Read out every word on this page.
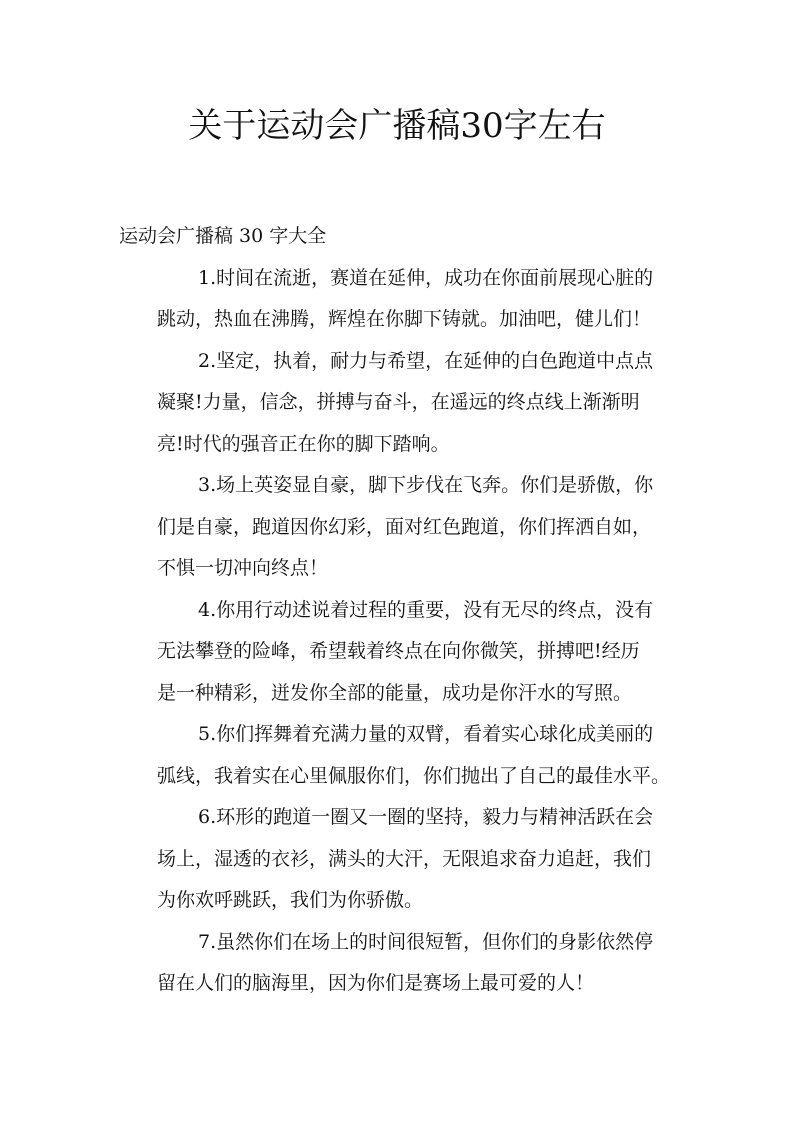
关于运动会广播稿30字左右

运动会广播稿 30 字大全

1.时间在流逝，赛道在延伸，成功在你面前展现心脏的
跳动，热血在沸腾，辉煌在你脚下铸就。加油吧，健儿们！

2.坚定，执着，耐力与希望，在延伸的白色跑道中点点
凝聚!力量，信念，拼搏与奋斗，在遥远的终点线上渐渐明
亮!时代的强音正在你的脚下踏响。

3.场上英姿显自豪，脚下步伐在飞奔。你们是骄傲，你
们是自豪，跑道因你幻彩，面对红色跑道，你们挥洒自如，
不惧一切冲向终点！

4.你用行动述说着过程的重要，没有无尽的终点，没有
无法攀登的险峰，希望载着终点在向你微笑，拼搏吧!经历
是一种精彩，迸发你全部的能量，成功是你汗水的写照。

5.你们挥舞着充满力量的双臂，看着实心球化成美丽的
弧线，我着实在心里佩服你们，你们抛出了自己的最佳水平。

6.环形的跑道一圈又一圈的坚持，毅力与精神活跃在会
场上，湿透的衣衫，满头的大汗，无限追求奋力追赶，我们
为你欢呼跳跃，我们为你骄傲。

7.虽然你们在场上的时间很短暂，但你们的身影依然停
留在人们的脑海里，因为你们是赛场上最可爱的人！
